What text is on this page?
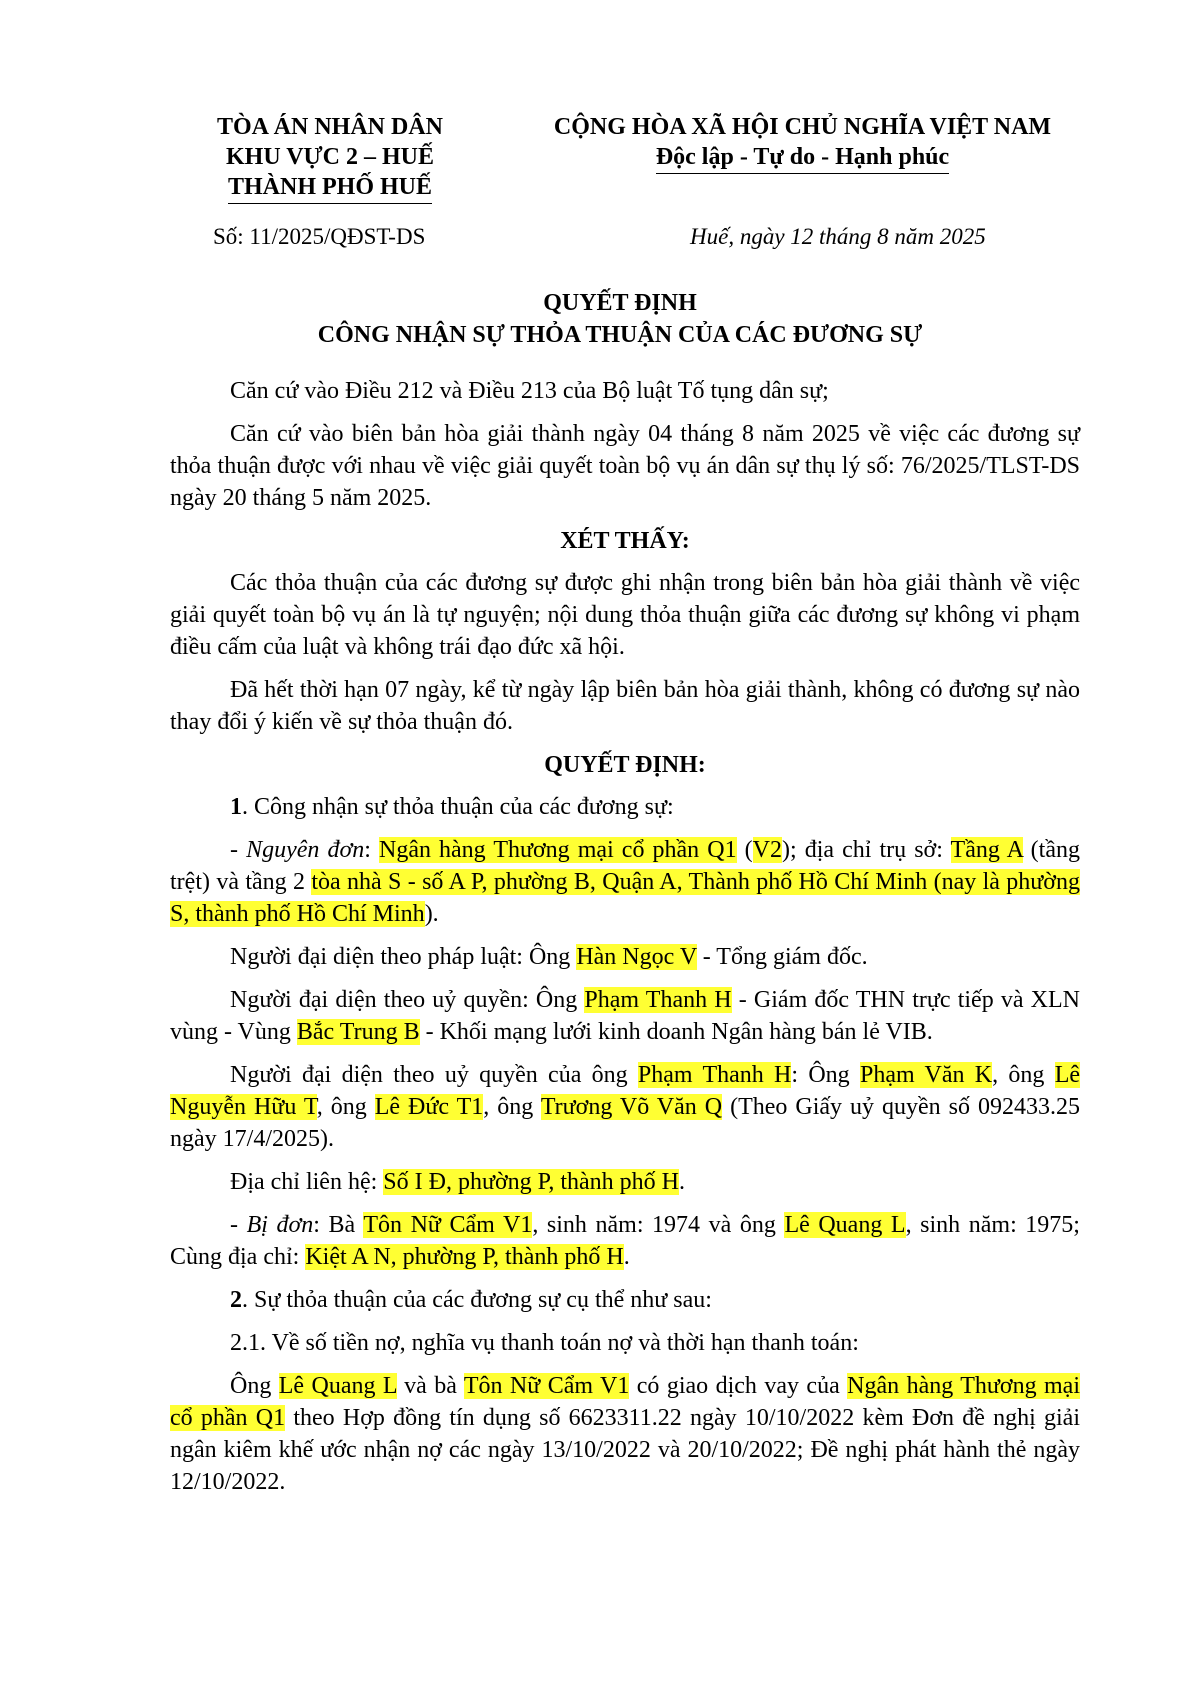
TÒA ÁN NHÂN DÂN
KHU VỰC 2 – HUẾ
THÀNH PHỐ HUẾ
CỘNG HÒA XÃ HỘI CHỦ NGHĨA VIỆT NAM
Độc lập - Tự do - Hạnh phúc
Số: 11/2025/QĐST-DS	Huế, ngày 12 tháng 8 năm 2025
QUYẾT ĐỊNH
CÔNG NHẬN SỰ THỎA THUẬN CỦA CÁC ĐƯƠNG SỰ

Căn cứ vào Điều 212 và Điều 213 của Bộ luật Tố tụng dân sự;

Căn cứ vào biên bản hòa giải thành ngày 04 tháng 8 năm 2025 về việc các đương sự thỏa thuận được với nhau về việc giải quyết toàn bộ vụ án dân sự thụ lý số: 76/2025/TLST-DS ngày 20 tháng 5 năm 2025.

XÉT THẤY:

Các thỏa thuận của các đương sự được ghi nhận trong biên bản hòa giải thành về việc giải quyết toàn bộ vụ án là tự nguyện; nội dung thỏa thuận giữa các đương sự không vi phạm điều cấm của luật và không trái đạo đức xã hội.

Đã hết thời hạn 07 ngày, kể từ ngày lập biên bản hòa giải thành, không có đương sự nào thay đổi ý kiến về sự thỏa thuận đó.

QUYẾT ĐỊNH:

1. Công nhận sự thỏa thuận của các đương sự:

- Nguyên đơn: Ngân hàng Thương mại cổ phần Q1 (V2); địa chỉ trụ sở: Tầng A (tầng trệt) và tầng 2 tòa nhà S - số A P, phường B, Quận A, Thành phố Hồ Chí Minh (nay là phường S, thành phố Hồ Chí Minh).

Người đại diện theo pháp luật: Ông Hàn Ngọc V - Tổng giám đốc.

Người đại diện theo uỷ quyền: Ông Phạm Thanh H - Giám đốc THN trực tiếp và XLN vùng - Vùng Bắc Trung B - Khối mạng lưới kinh doanh Ngân hàng bán lẻ VIB.

Người đại diện theo uỷ quyền của ông Phạm Thanh H: Ông Phạm Văn K, ông Lê Nguyễn Hữu T, ông Lê Đức T1, ông Trương Võ Văn Q (Theo Giấy uỷ quyền số 092433.25 ngày 17/4/2025).

Địa chỉ liên hệ: Số I Đ, phường P, thành phố H.

- Bị đơn: Bà Tôn Nữ Cẩm V1, sinh năm: 1974 và ông Lê Quang L, sinh năm: 1975; Cùng địa chỉ: Kiệt A N, phường P, thành phố H.

2. Sự thỏa thuận của các đương sự cụ thể như sau:

2.1. Về số tiền nợ, nghĩa vụ thanh toán nợ và thời hạn thanh toán:

Ông Lê Quang L và bà Tôn Nữ Cẩm V1 có giao dịch vay của Ngân hàng Thương mại cổ phần Q1 theo Hợp đồng tín dụng số 6623311.22 ngày 10/10/2022 kèm Đơn đề nghị giải ngân kiêm khế ước nhận nợ các ngày 13/10/2022 và 20/10/2022; Đề nghị phát hành thẻ ngày 12/10/2022.
